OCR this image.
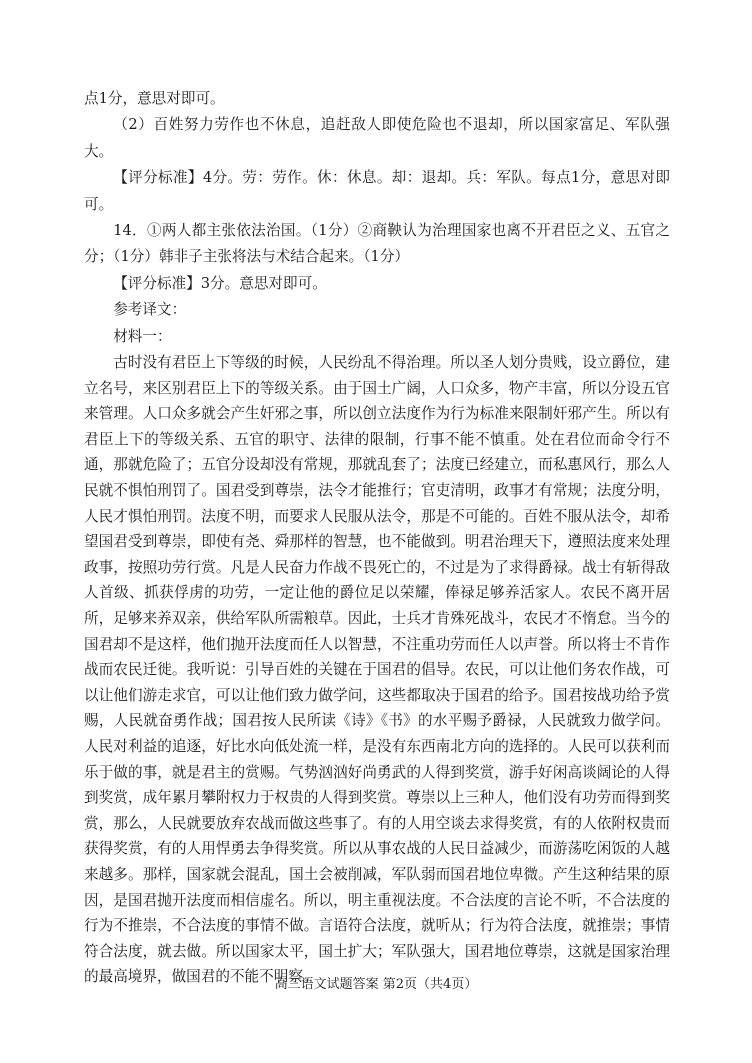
点1分，意思对即可。

（2）百姓努力劳作也不休息，追赶敌人即使危险也不退却，所以国家富足、军队强大。

【评分标准】4分。劳：劳作。休：休息。却：退却。兵：军队。每点1分，意思对即可。

14．①两人都主张依法治国。（1分）②商鞅认为治理国家也离不开君臣之义、五官之分；（1分）韩非子主张将法与术结合起来。（1分）

【评分标准】3分。意思对即可。

参考译文：

材料一：

古时没有君臣上下等级的时候，人民纷乱不得治理。所以圣人划分贵贱，设立爵位，建立名号，来区别君臣上下的等级关系。由于国土广阔，人口众多，物产丰富，所以分设五官来管理。人口众多就会产生奸邪之事，所以创立法度作为行为标准来限制奸邪产生。所以有君臣上下的等级关系、五官的职守、法律的限制，行事不能不慎重。处在君位而命令行不通，那就危险了；五官分设却没有常规，那就乱套了；法度已经建立，而私惠风行，那么人民就不惧怕刑罚了。国君受到尊崇，法令才能推行；官吏清明，政事才有常规；法度分明，人民才惧怕刑罚。法度不明，而要求人民服从法令，那是不可能的。百姓不服从法令，却希望国君受到尊崇，即使有尧、舜那样的智慧，也不能做到。明君治理天下，遵照法度来处理政事，按照功劳行赏。凡是人民奋力作战不畏死亡的，不过是为了求得爵禄。战士有斩得敌人首级、抓获俘虏的功劳，一定让他的爵位足以荣耀，俸禄足够养活家人。农民不离开居所，足够来养双亲，供给军队所需粮草。因此，士兵才肯殊死战斗，农民才不惰怠。当今的国君却不是这样，他们抛开法度而任人以智慧，不注重功劳而任人以声誉。所以将士不肯作战而农民迁徙。我听说：引导百姓的关键在于国君的倡导。农民，可以让他们务农作战，可以让他们游走求官，可以让他们致力做学问，这些都取决于国君的给予。国君按战功给予赏赐，人民就奋勇作战；国君按人民所读《诗》《书》的水平赐予爵禄，人民就致力做学问。人民对利益的追逐，好比水向低处流一样，是没有东西南北方向的选择的。人民可以获利而乐于做的事，就是君主的赏赐。气势汹汹好尚勇武的人得到奖赏，游手好闲高谈阔论的人得到奖赏，成年累月攀附权力于权贵的人得到奖赏。尊崇以上三种人，他们没有功劳而得到奖赏，那么，人民就要放弃农战而做这些事了。有的人用空谈去求得奖赏，有的人依附权贵而获得奖赏，有的人用悍勇去争得奖赏。所以从事农战的人民日益减少，而游荡吃闲饭的人越来越多。那样，国家就会混乱，国土会被削减，军队弱而国君地位卑微。产生这种结果的原因，是国君抛开法度而相信虚名。所以，明主重视法度。不合法度的言论不听，不合法度的行为不推崇，不合法度的事情不做。言语符合法度，就听从；行为符合法度，就推崇；事情符合法度，就去做。所以国家太平，国土扩大；军队强大，国君地位尊崇，这就是国家治理的最高境界，做国君的不能不明察。

高三语文试题答案 第2页（共4页）
